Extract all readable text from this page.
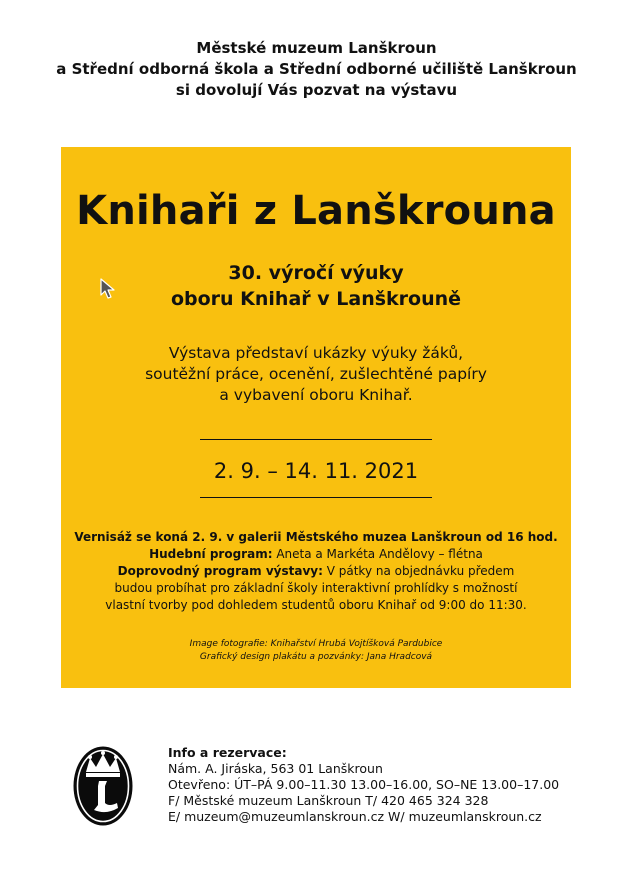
Městské muzeum Lanškroun
a Střední odborná škola a Střední odborné učiliště Lanškroun
si dovolují Vás pozvat na výstavu
Knihaři z Lanškrouna
30. výročí výuky
oboru Knihař v Lanškrouně
Výstava představí ukázky výuky žáků,
soutěžní práce, ocenění, zušlechtěné papíry
a vybavení oboru Knihař.
2. 9. – 14. 11. 2021
Vernisáž se koná 2. 9. v galerii Městského muzea Lanškroun od 16 hod.
Hudební program: Aneta a Markéta Andělovy – flétna
Doprovodný program výstavy: V pátky na objednávku předem
budou probíhat pro základní školy interaktivní prohlídky s možností
vlastní tvorby pod dohledem studentů oboru Knihař od 9:00 do 11:30.
Image fotografie: Knihařství Hrubá Vojtíšková Pardubice
Grafický design plakátu a pozvánky: Jana Hradcová
Info a rezervace:
Nám. A. Jiráska, 563 01 Lanškroun
Otevřeno: ÚT–PÁ 9.00–11.30 13.00–16.00, SO–NE 13.00–17.00
F/ Městské muzeum Lanškroun T/ 420 465 324 328
E/ muzeum@muzeumlanskroun.cz W/ muzeumlanskroun.cz
